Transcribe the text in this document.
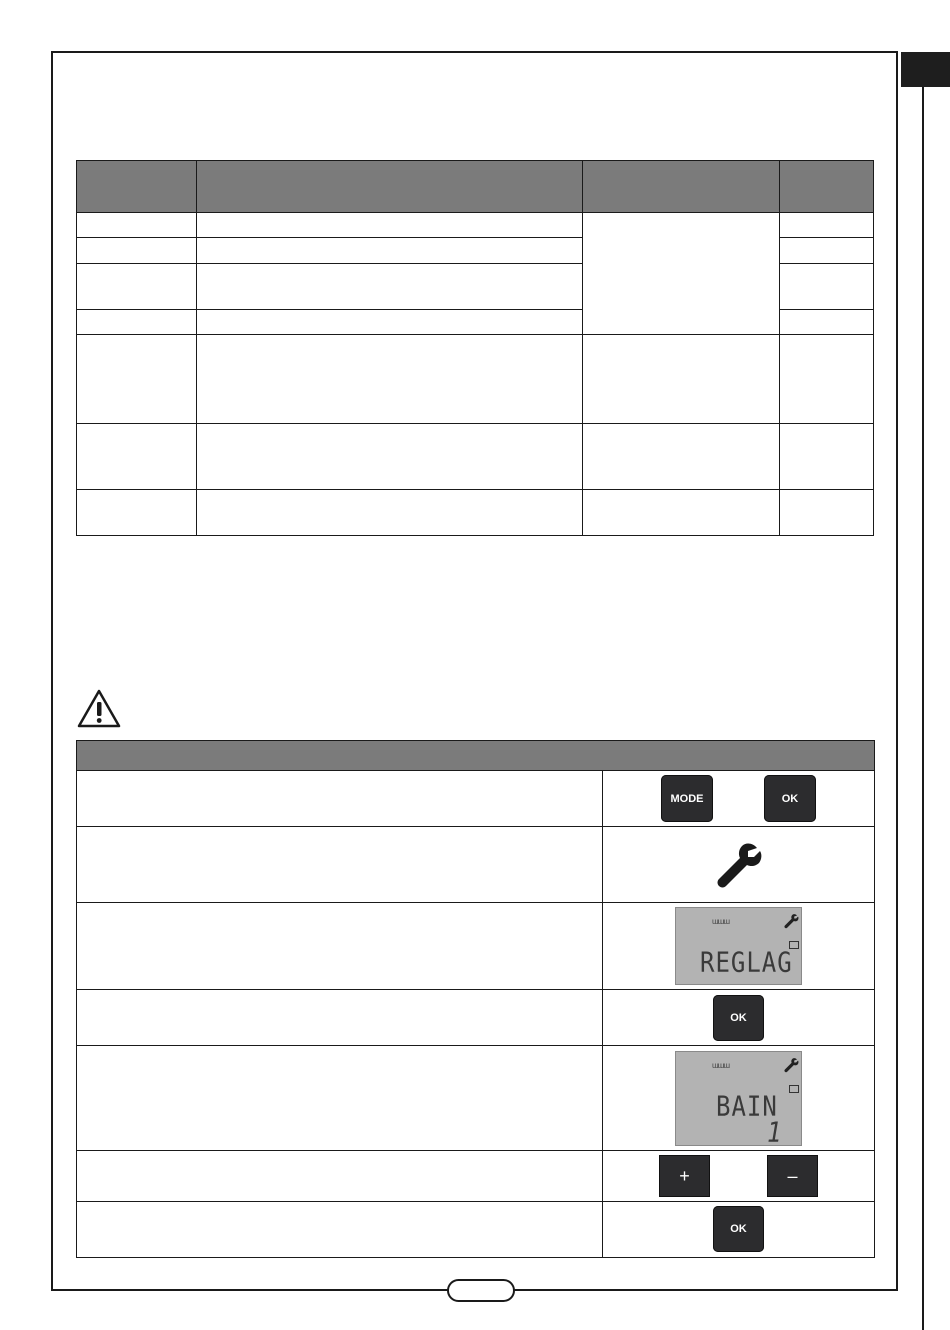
MODE	OK
ɯɯɯ
REGLAG
OK
ɯɯɯ
BAIN
1
+	–
OK
